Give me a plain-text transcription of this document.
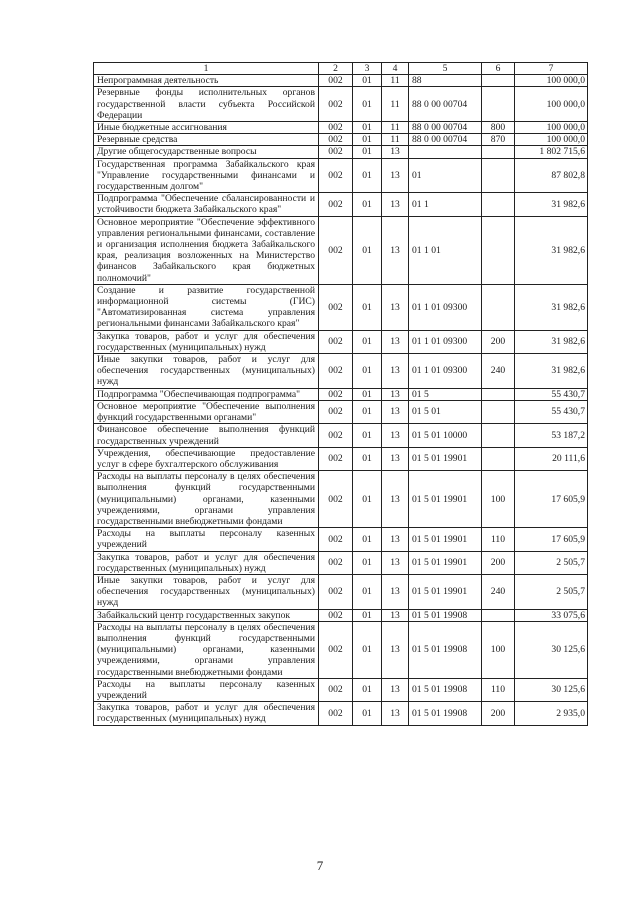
1	2	3	4	5	6	7
Непрограммная деятельность	002	01	11	88		100 000,0
Резервные фонды исполнительных органов государственной власти субъекта Российской Федерации	002	01	11	88 0 00 00704		100 000,0
Иные бюджетные ассигнования	002	01	11	88 0 00 00704	800	100 000,0
Резервные средства	002	01	11	88 0 00 00704	870	100 000,0
Другие общегосударственные вопросы	002	01	13			1 802 715,6
Государственная программа Забайкальского края "Управление государственными финансами и государственным долгом"	002	01	13	01		87 802,8
Подпрограмма "Обеспечение сбалансированности и устойчивости бюджета Забайкальского края"	002	01	13	01 1		31 982,6
Основное мероприятие "Обеспечение эффективного управления региональными финансами, составление и организация исполнения бюджета Забайкальского края, реализация возложенных на Министерство финансов Забайкальского края бюджетных полномочий"	002	01	13	01 1 01		31 982,6
Создание и развитие государственной информационной системы (ГИС) "Автоматизированная система управления региональными финансами Забайкальского края"	002	01	13	01 1 01 09300		31 982,6
Закупка товаров, работ и услуг для обеспечения государственных (муниципальных) нужд	002	01	13	01 1 01 09300	200	31 982,6
Иные закупки товаров, работ и услуг для обеспечения государственных (муниципальных) нужд	002	01	13	01 1 01 09300	240	31 982,6
Подпрограмма "Обеспечивающая подпрограмма"	002	01	13	01 5		55 430,7
Основное мероприятие "Обеспечение выполнения функций государственными органами"	002	01	13	01 5 01		55 430,7
Финансовое обеспечение выполнения функций государственных учреждений	002	01	13	01 5 01 10000		53 187,2
Учреждения, обеспечивающие предоставление услуг в сфере бухгалтерского обслуживания	002	01	13	01 5 01 19901		20 111,6
Расходы на выплаты персоналу в целях обеспечения выполнения функций государственными (муниципальными) органами, казенными учреждениями, органами управления государственными внебюджетными фондами	002	01	13	01 5 01 19901	100	17 605,9
Расходы на выплаты персоналу казенных учреждений	002	01	13	01 5 01 19901	110	17 605,9
Закупка товаров, работ и услуг для обеспечения государственных (муниципальных) нужд	002	01	13	01 5 01 19901	200	2 505,7
Иные закупки товаров, работ и услуг для обеспечения государственных (муниципальных) нужд	002	01	13	01 5 01 19901	240	2 505,7
Забайкальский центр государственных закупок	002	01	13	01 5 01 19908		33 075,6
Расходы на выплаты персоналу в целях обеспечения выполнения функций государственными (муниципальными) органами, казенными учреждениями, органами управления государственными внебюджетными фондами	002	01	13	01 5 01 19908	100	30 125,6
Расходы на выплаты персоналу казенных учреждений	002	01	13	01 5 01 19908	110	30 125,6
Закупка товаров, работ и услуг для обеспечения государственных (муниципальных) нужд	002	01	13	01 5 01 19908	200	2 935,0
7
